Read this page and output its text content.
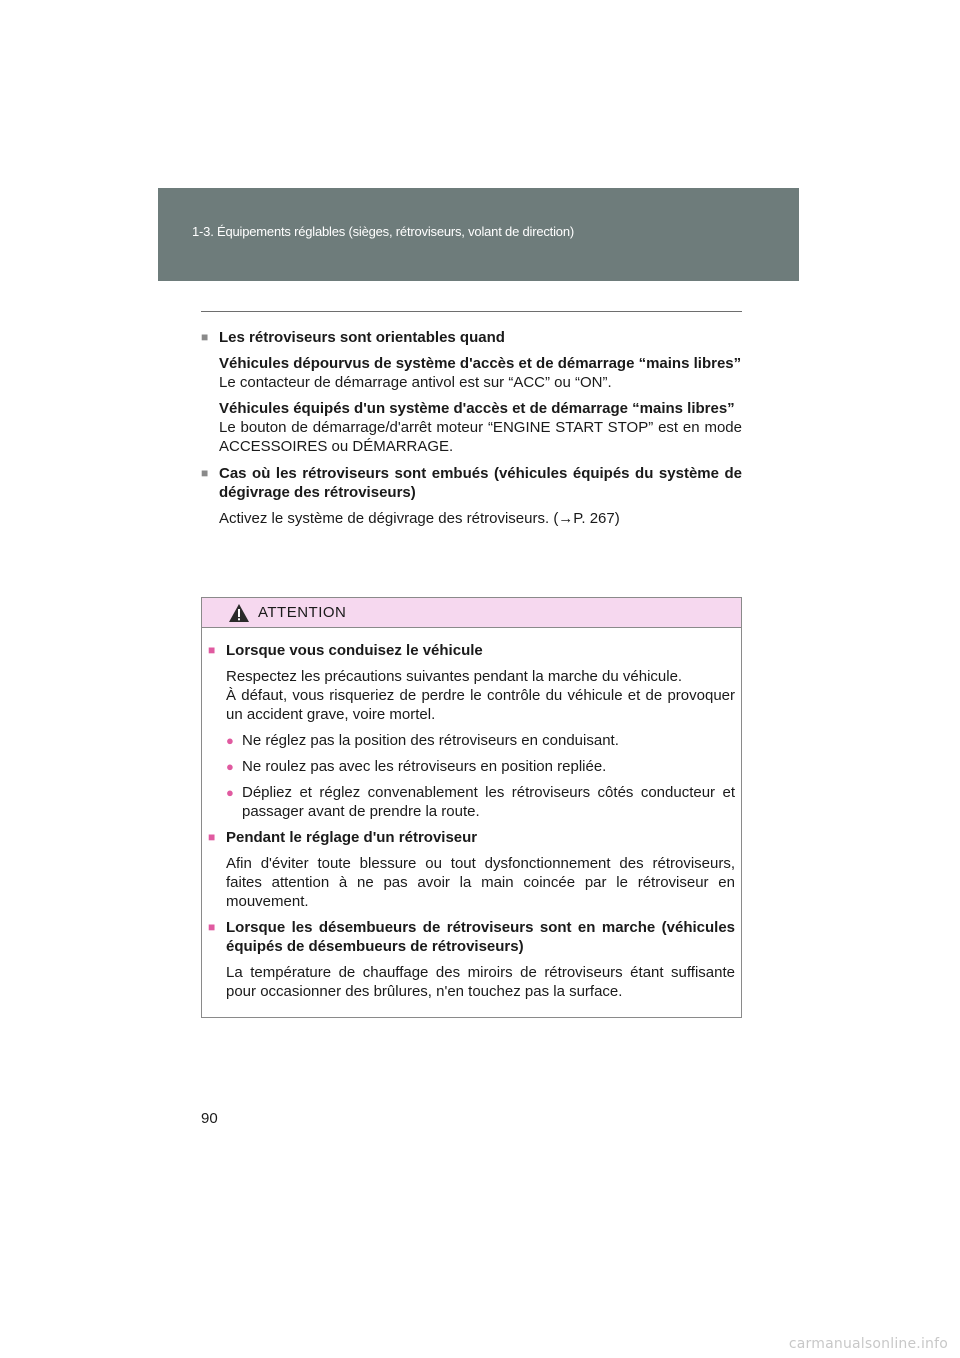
1-3. Équipements réglables (sièges, rétroviseurs, volant de direction)
■ Les rétroviseurs sont orientables quand
Véhicules dépourvus de système d'accès et de démarrage “mains libres”
Le contacteur de démarrage antivol est sur “ACC” ou “ON”.
Véhicules équipés d'un système d'accès et de démarrage “mains libres”
Le bouton de démarrage/d'arrêt moteur “ENGINE START STOP” est en mode ACCESSOIRES ou DÉMARRAGE.
■ Cas où les rétroviseurs sont embués (véhicules équipés du système de dégivrage des rétroviseurs)
Activez le système de dégivrage des rétroviseurs. (→P. 267)
ATTENTION
■ Lorsque vous conduisez le véhicule
Respectez les précautions suivantes pendant la marche du véhicule.
À défaut, vous risqueriez de perdre le contrôle du véhicule et de provoquer un accident grave, voire mortel.
● Ne réglez pas la position des rétroviseurs en conduisant.
● Ne roulez pas avec les rétroviseurs en position repliée.
● Dépliez et réglez convenablement les rétroviseurs côtés conducteur et passager avant de prendre la route.
■ Pendant le réglage d'un rétroviseur
Afin d'éviter toute blessure ou tout dysfonctionnement des rétroviseurs, faites attention à ne pas avoir la main coincée par le rétroviseur en mouvement.
■ Lorsque les désembueurs de rétroviseurs sont en marche (véhicules équipés de désembueurs de rétroviseurs)
La température de chauffage des miroirs de rétroviseurs étant suffisante pour occasionner des brûlures, n'en touchez pas la surface.
90
carmanualsonline.info
